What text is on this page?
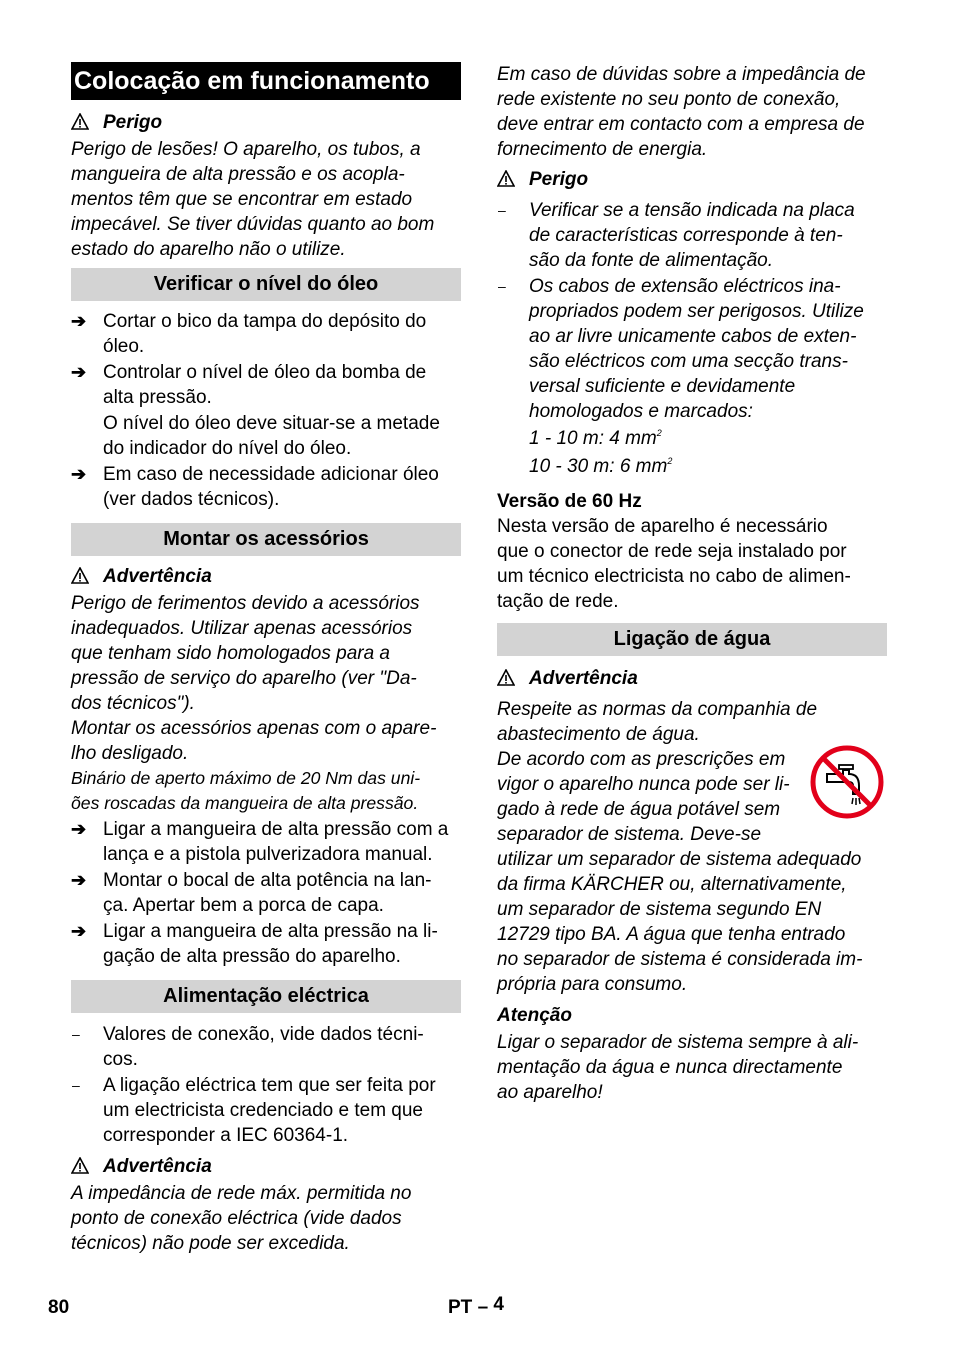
Colocação em funcionamento
Perigo
Perigo de lesões! O aparelho, os tubos, a
mangueira de alta pressão e os acopla-
mentos têm que se encontrar em estado
impecável. Se tiver dúvidas quanto ao bom
estado do aparelho não o utilize.
Verificar o nível do óleo
➔ Cortar o bico da tampa do depósito do
óleo.
➔ Controlar o nível de óleo da bomba de
alta pressão.
O nível do óleo deve situar-se a metade
do indicador do nível do óleo.
➔ Em caso de necessidade adicionar óleo
(ver dados técnicos).
Montar os acessórios
Advertência
Perigo de ferimentos devido a acessórios
inadequados. Utilizar apenas acessórios
que tenham sido homologados para a
pressão de serviço do aparelho (ver "Da-
dos técnicos").
Montar os acessórios apenas com o apare-
lho desligado.
Binário de aperto máximo de 20 Nm das uni-
ões roscadas da mangueira de alta pressão.
➔ Ligar a mangueira de alta pressão com a
lança e a pistola pulverizadora manual.
➔ Montar o bocal de alta potência na lan-
ça. Apertar bem a porca de capa.
➔ Ligar a mangueira de alta pressão na li-
gação de alta pressão do aparelho.
Alimentação eléctrica
– Valores de conexão, vide dados técni-
cos.
– A ligação eléctrica tem que ser feita por
um electricista credenciado e tem que
corresponder a IEC 60364-1.
Advertência
A impedância de rede máx. permitida no
ponto de conexão eléctrica (vide dados
técnicos) não pode ser excedida.
Em caso de dúvidas sobre a impedância de
rede existente no seu ponto de conexão,
deve entrar em contacto com a empresa de
fornecimento de energia.
Perigo
– Verificar se a tensão indicada na placa
de características corresponde à ten-
são da fonte de alimentação.
– Os cabos de extensão eléctricos ina-
propriados podem ser perigosos. Utilize
ao ar livre unicamente cabos de exten-
são eléctricos com uma secção trans-
versal suficiente e devidamente
homologados e marcados:
1 - 10 m: 4 $mm^2$
10 - 30 m: 6 $mm^2$
Versão de 60 Hz
Nesta versão de aparelho é necessário
que o conector de rede seja instalado por
um técnico electricista no cabo de alimen-
tação de rede.
Ligação de água
Advertência
Respeite as normas da companhia de
abastecimento de água.
De acordo com as prescrições em
vigor o aparelho nunca pode ser li-
gado à rede de água potável sem
separador de sistema. Deve-se
utilizar um separador de sistema adequado
da firma KÄRCHER ou, alternativamente,
um separador de sistema segundo EN
12729 tipo BA. A água que tenha entrado
no separador de sistema é considerada im-
própria para consumo.
Atenção
Ligar o separador de sistema sempre à ali-
mentação da água e nunca directamente
ao aparelho!
80	PT – 4
